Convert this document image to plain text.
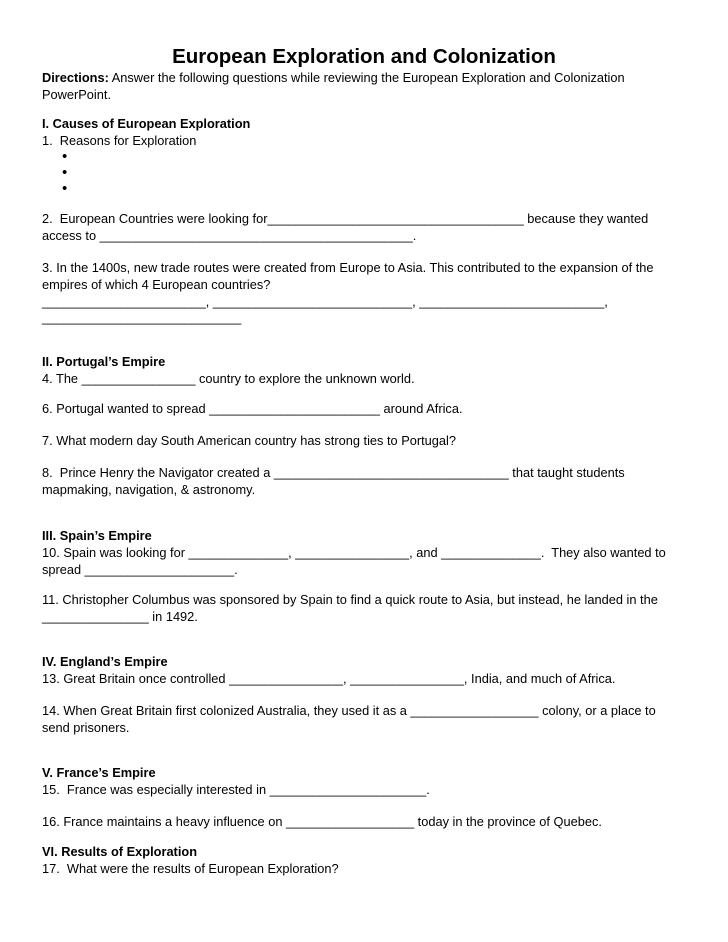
European Exploration and Colonization
Directions: Answer the following questions while reviewing the European Exploration and Colonization
PowerPoint.
I. Causes of European Exploration
1.  Reasons for Exploration
•
•
•
2.  European Countries were looking for____________________________________ because they wanted
access to ____________________________________________.
3. In the 1400s, new trade routes were created from Europe to Asia. This contributed to the expansion of the
empires of which 4 European countries?
_______________________, ____________________________, __________________________,
____________________________
II. Portugal’s Empire
4. The ________________ country to explore the unknown world.
6. Portugal wanted to spread ________________________ around Africa.
7. What modern day South American country has strong ties to Portugal?
8.  Prince Henry the Navigator created a _________________________________ that taught students
mapmaking, navigation, & astronomy.
III. Spain’s Empire
10. Spain was looking for ______________, ________________, and ______________.  They also wanted to
spread _____________________.
11. Christopher Columbus was sponsored by Spain to find a quick route to Asia, but instead, he landed in the
_______________ in 1492.
IV. England’s Empire
13. Great Britain once controlled ________________, ________________, India, and much of Africa.
14. When Great Britain first colonized Australia, they used it as a __________________ colony, or a place to
send prisoners.
V. France’s Empire
15.  France was especially interested in ______________________.
16. France maintains a heavy influence on __________________ today in the province of Quebec.
VI. Results of Exploration
17.  What were the results of European Exploration?
